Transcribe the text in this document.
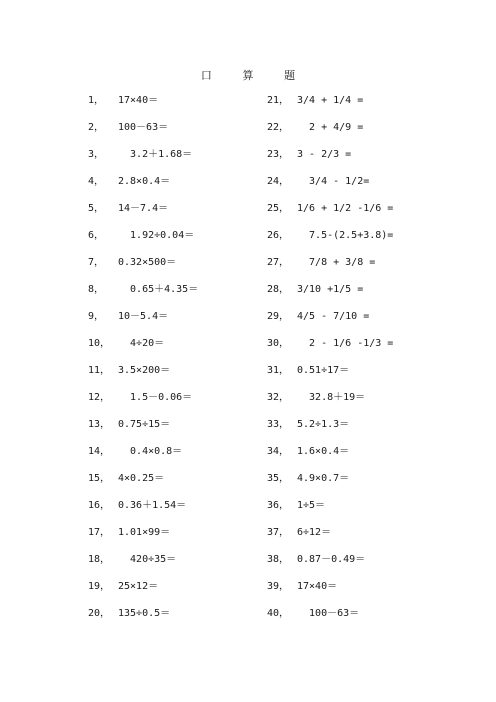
口	算	题
1，	17×40＝
2，	100－63＝
3，	3.2＋1.68＝
4，	2.8×0.4＝
5，	14－7.4＝
6，	1.92÷0.04＝
7，	0.32×500＝
8，	0.65＋4.35＝
9，	10－5.4＝
10， 4÷20＝
11， 3.5×200＝
12， 1.5－0.06＝
13， 0.75÷15＝
14， 0.4×0.8＝
15， 4×0.25＝
16， 0.36＋1.54＝
17， 1.01×99＝
18， 420÷35＝
19， 25×12＝
20， 135÷0.5＝
21， 3/4 + 1/4 =
22， 2 + 4/9 =
23， 3 - 2/3 =
24， 3/4 - 1/2=
25， 1/6 + 1/2 -1/6 =
26， 7.5-(2.5+3.8)=
27， 7/8 + 3/8 =
28， 3/10 +1/5 =
29， 4/5 - 7/10 =
30， 2 - 1/6 -1/3 =
31， 0.51÷17＝
32， 32.8＋19＝
33， 5.2÷1.3＝
34， 1.6×0.4＝
35， 4.9×0.7＝
36， 1÷5＝
37， 6÷12＝
38， 0.87－0.49＝
39， 17×40＝
40， 100－63＝
